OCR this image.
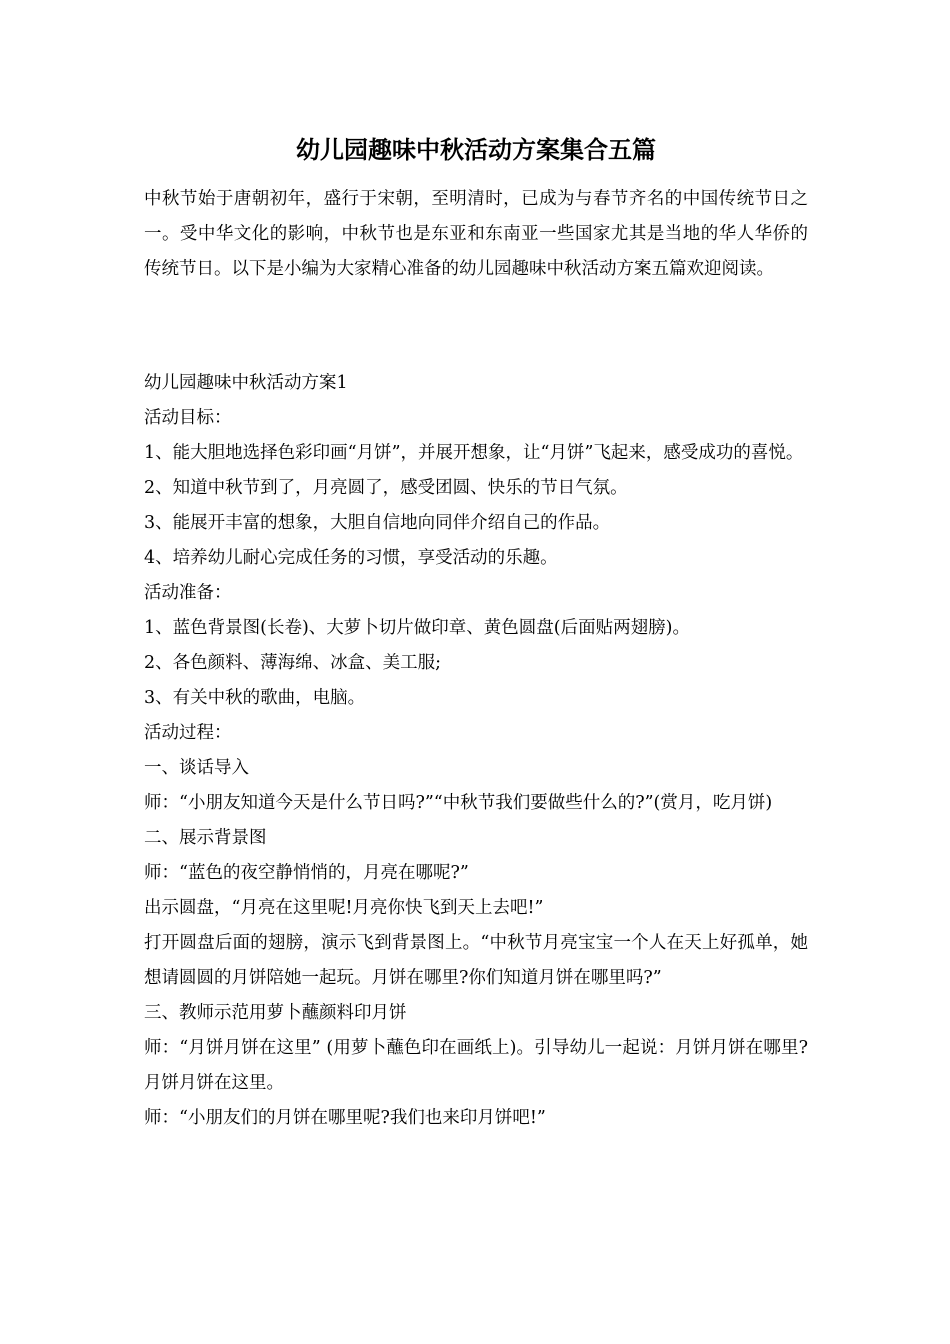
幼儿园趣味中秋活动方案集合五篇

中秋节始于唐朝初年，盛行于宋朝，至明清时，已成为与春节齐名的中国传统节日之一。受中华文化的影响，中秋节也是东亚和东南亚一些国家尤其是当地的华人华侨的传统节日。以下是小编为大家精心准备的幼儿园趣味中秋活动方案五篇欢迎阅读。

幼儿园趣味中秋活动方案1

活动目标：

1、能大胆地选择色彩印画“月饼”，并展开想象，让“月饼”飞起来，感受成功的喜悦。

2、知道中秋节到了，月亮圆了，感受团圆、快乐的节日气氛。

3、能展开丰富的想象，大胆自信地向同伴介绍自己的作品。

4、培养幼儿耐心完成任务的习惯，享受活动的乐趣。

活动准备：

1、蓝色背景图(长卷)、大萝卜切片做印章、黄色圆盘(后面贴两翅膀)。

2、各色颜料、薄海绵、冰盒、美工服;

3、有关中秋的歌曲，电脑。

活动过程：

一、谈话导入

师：“小朋友知道今天是什么节日吗?”“中秋节我们要做些什么的?”(赏月，吃月饼)

二、展示背景图

师：“蓝色的夜空静悄悄的，月亮在哪呢?”

出示圆盘，“月亮在这里呢!月亮你快飞到天上去吧!”

打开圆盘后面的翅膀，演示飞到背景图上。“中秋节月亮宝宝一个人在天上好孤单，她想请圆圆的月饼陪她一起玩。月饼在哪里?你们知道月饼在哪里吗?”

三、教师示范用萝卜蘸颜料印月饼

师：“月饼月饼在这里” (用萝卜蘸色印在画纸上)。引导幼儿一起说：月饼月饼在哪里?月饼月饼在这里。

师：“小朋友们的月饼在哪里呢?我们也来印月饼吧!”
